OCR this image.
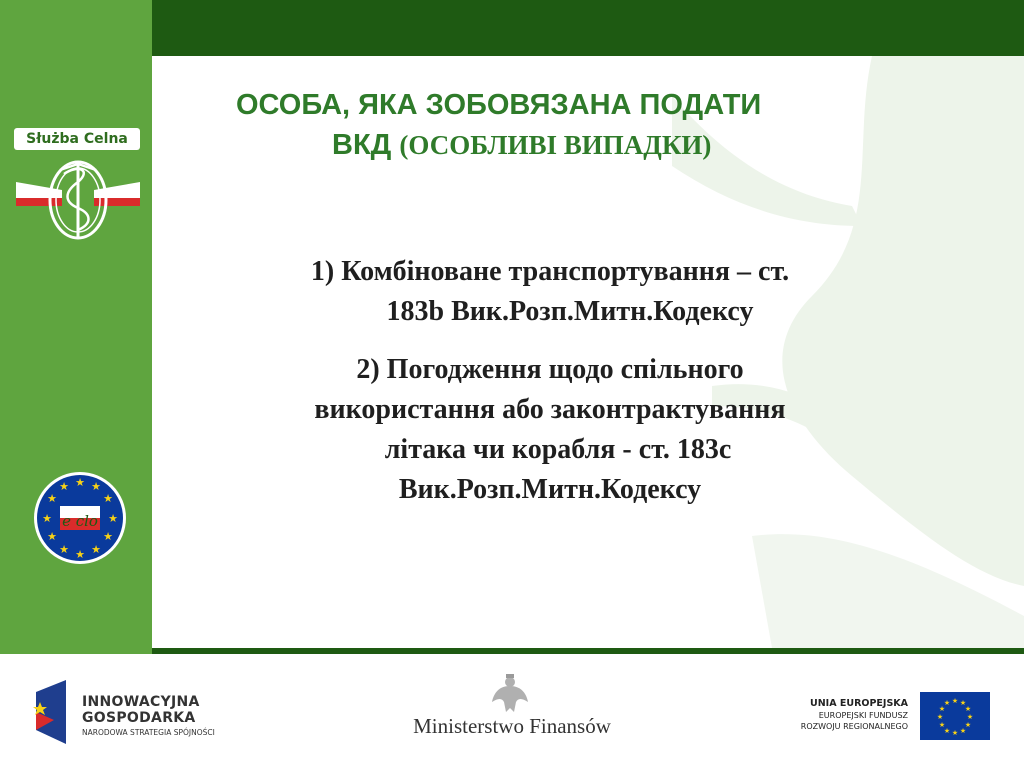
Służba Celna
★ ★
★
★
★
★
★
★
★
★
★
★
e clo
ОСОБА, ЯКА ЗОБОВЯЗАНА ПОДАТИ
ВКД (ОСОБЛИВІ ВИПАДКИ)
1) Комбіноване транспортування – ст.
183b Вик.Розп.Митн.Кодексу
2) Погодження щодо спільного
використання або законтрактування
літака чи корабля - ст. 183c
Вик.Розп.Митн.Кодексу
INNOWACYJNA
GOSPODARKA
NARODOWA STRATEGIA SPÓJNOŚCI	Ministerstwo Finansów
UNIA EUROPEJSKA
EUROPEJSKI FUNDUSZ
ROZWOJU REGIONALNEGO
★ ★
★
★
★
★
★
★
★
★
★
★
